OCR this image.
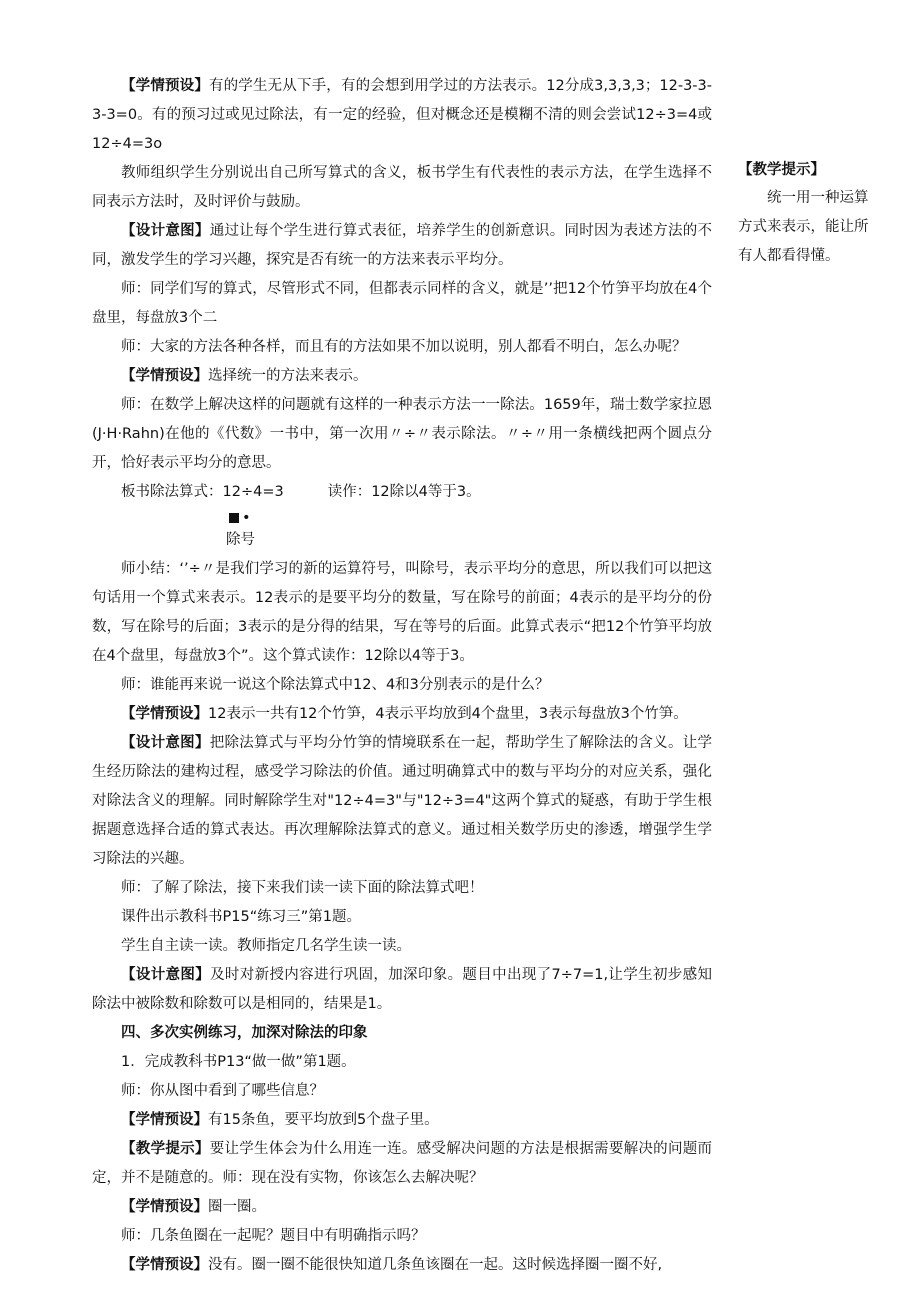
【学情预设】有的学生无从下手，有的会想到用学过的方法表示。12分成3,3,3,3；12-3-3-3-3=0。有的预习过或见过除法，有一定的经验，但对概念还是模糊不清的则会尝试12÷3=4或12÷4=3o

教师组织学生分别说出自己所写算式的含义，板书学生有代表性的表示方法，在学生选择不同表示方法时，及时评价与鼓励。

【设计意图】通过让每个学生进行算式表征，培养学生的创新意识。同时因为表述方法的不同，激发学生的学习兴趣，探究是否有统一的方法来表示平均分。

师：同学们写的算式，尽管形式不同，但都表示同样的含义，就是’’把12个竹笋平均放在4个盘里，每盘放3个二

师：大家的方法各种各样，而且有的方法如果不加以说明，别人都看不明白，怎么办呢？

【学情预设】选择统一的方法来表示。

师：在数学上解决这样的问题就有这样的一种表示方法一一除法。1659年，瑞士数学家拉恩(J·H·Rahn)在他的《代数》一书中，第一次用〃÷〃表示除法。〃÷〃用一条横线把两个圆点分开，恰好表示平均分的意思。

板书除法算式：12÷4=3	读作：12除以4等于3。

•

除号

师小结：‘’÷〃是我们学习的新的运算符号，叫除号，表示平均分的意思，所以我们可以把这句话用一个算式来表示。12表示的是要平均分的数量，写在除号的前面；4表示的是平均分的份数，写在除号的后面；3表示的是分得的结果，写在等号的后面。此算式表示“把12个竹笋平均放在4个盘里，每盘放3个”。这个算式读作：12除以4等于3。

师：谁能再来说一说这个除法算式中12、4和3分别表示的是什么？

【学情预设】12表示一共有12个竹笋，4表示平均放到4个盘里，3表示每盘放3个竹笋。

【设计意图】把除法算式与平均分竹笋的情境联系在一起，帮助学生了解除法的含义。让学生经历除法的建构过程，感受学习除法的价值。通过明确算式中的数与平均分的对应关系，强化对除法含义的理解。同时解除学生对"12÷4=3"与"12÷3=4"这两个算式的疑惑，有助于学生根据题意选择合适的算式表达。再次理解除法算式的意义。通过相关数学历史的渗透，增强学生学习除法的兴趣。

师：了解了除法，接下来我们读一读下面的除法算式吧！

课件出示教科书P15“练习三”第1题。

学生自主读一读。教师指定几名学生读一读。

【设计意图】及时对新授内容进行巩固，加深印象。题目中出现了7÷7=1,让学生初步感知除法中被除数和除数可以是相同的，结果是1。

四、多次实例练习，加深对除法的印象

1．完成教科书P13“做一做”第1题。

师：你从图中看到了哪些信息？

【学情预设】有15条鱼，要平均放到5个盘子里。

【教学提示】要让学生体会为什么用连一连。感受解决问题的方法是根据需要解决的问题而定，并不是随意的。师：现在没有实物，你该怎么去解决呢？

【学情预设】圈一圈。

师：几条鱼圈在一起呢？题目中有明确指示吗？

【学情预设】没有。圈一圈不能很快知道几条鱼该圈在一起。这时候选择圈一圈不好,

【教学提示】

统一用一种运算方式来表示，能让所有人都看得懂。
